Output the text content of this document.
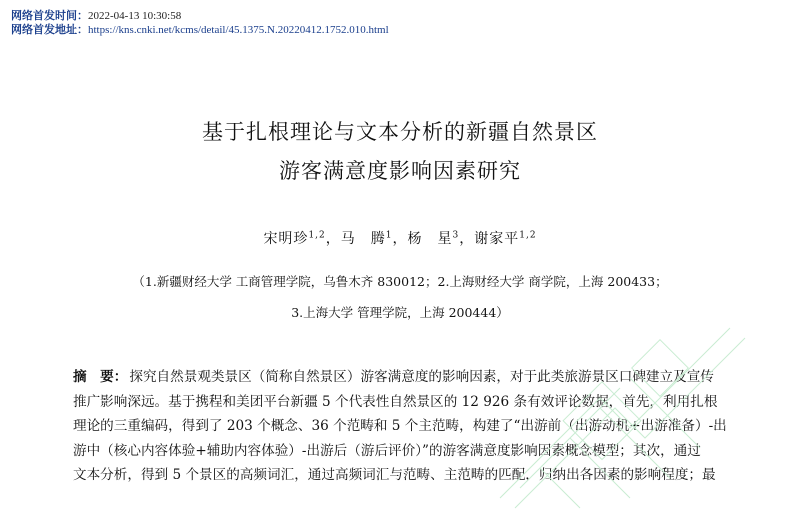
网络首发时间：2022-04-13 10:30:58
网络首发地址：https://kns.cnki.net/kcms/detail/45.1375.N.20220412.1752.010.html
基于扎根理论与文本分析的新疆自然景区
游客满意度影响因素研究
宋明珍$^{1,2}$，马　腾$^1$，杨　星$^3$，谢家平$^{1,2}$
（1.新疆财经大学 工商管理学院，乌鲁木齐 830012；2.上海财经大学 商学院，上海 200433；
3.上海大学 管理学院，上海 200444）
摘　要： 探究自然景观类景区（简称自然景区）游客满意度的影响因素，对于此类旅游景区口碑建立及宣传
推广影响深远。基于携程和美团平台新疆 5 个代表性自然景区的 12 926 条有效评论数据，首先，利用扎根
理论的三重编码，得到了 203 个概念、36 个范畴和 5 个主范畴，构建了“出游前（出游动机+出游准备）-出
游中（核心内容体验+辅助内容体验）-出游后（游后评价）”的游客满意度影响因素概念模型；其次，通过
文本分析，得到 5 个景区的高频词汇，通过高频词汇与范畴、主范畴的匹配，归纳出各因素的影响程度；最
